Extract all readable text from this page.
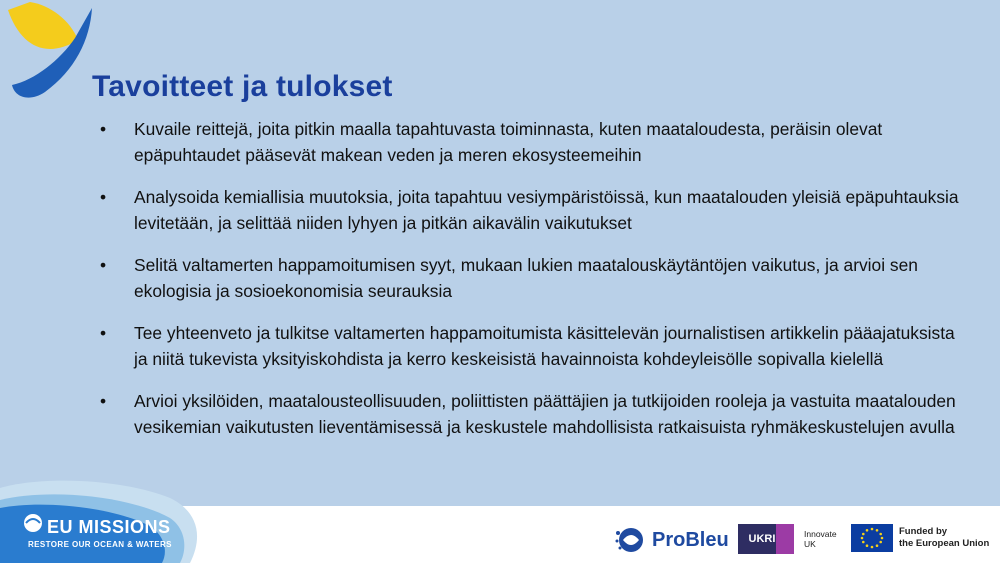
Tavoitteet ja tulokset
•	Kuvaile reittejä, joita pitkin maalla tapahtuvasta toiminnasta, kuten maataloudesta, peräisin olevat epäpuhtaudet pääsevät makean veden ja meren ekosysteemeihin
•	Analysoida kemiallisia muutoksia, joita tapahtuu vesiympäristöissä, kun maatalouden yleisiä epäpuhtauksia levitetään, ja selittää niiden lyhyen ja pitkän aikavälin vaikutukset
•	Selitä valtamerten happamoitumisen syyt, mukaan lukien maatalouskäytäntöjen vaikutus, ja arvioi sen ekologisia ja sosioekonomisia seurauksia
•	Tee yhteenveto ja tulkitse valtamerten happamoitumista käsittelevän journalistisen artikkelin pääajatuksista ja niitä tukevista yksityiskohdista ja kerro keskeisistä havainnoista kohdeyleisölle sopivalla kielellä
•	Arvioi yksilöiden, maatalousteollisuuden, poliittisten päättäjien ja tutkijoiden rooleja ja vastuita maatalouden vesikemian vaikutusten lieventämisessä ja keskustele mahdollisista ratkaisuista ryhmäkeskustelujen avulla
EU MISSIONS
RESTORE OUR OCEAN & WATERS	ProBleu	UKRI	Innovate
UK
Funded by
the European Union
